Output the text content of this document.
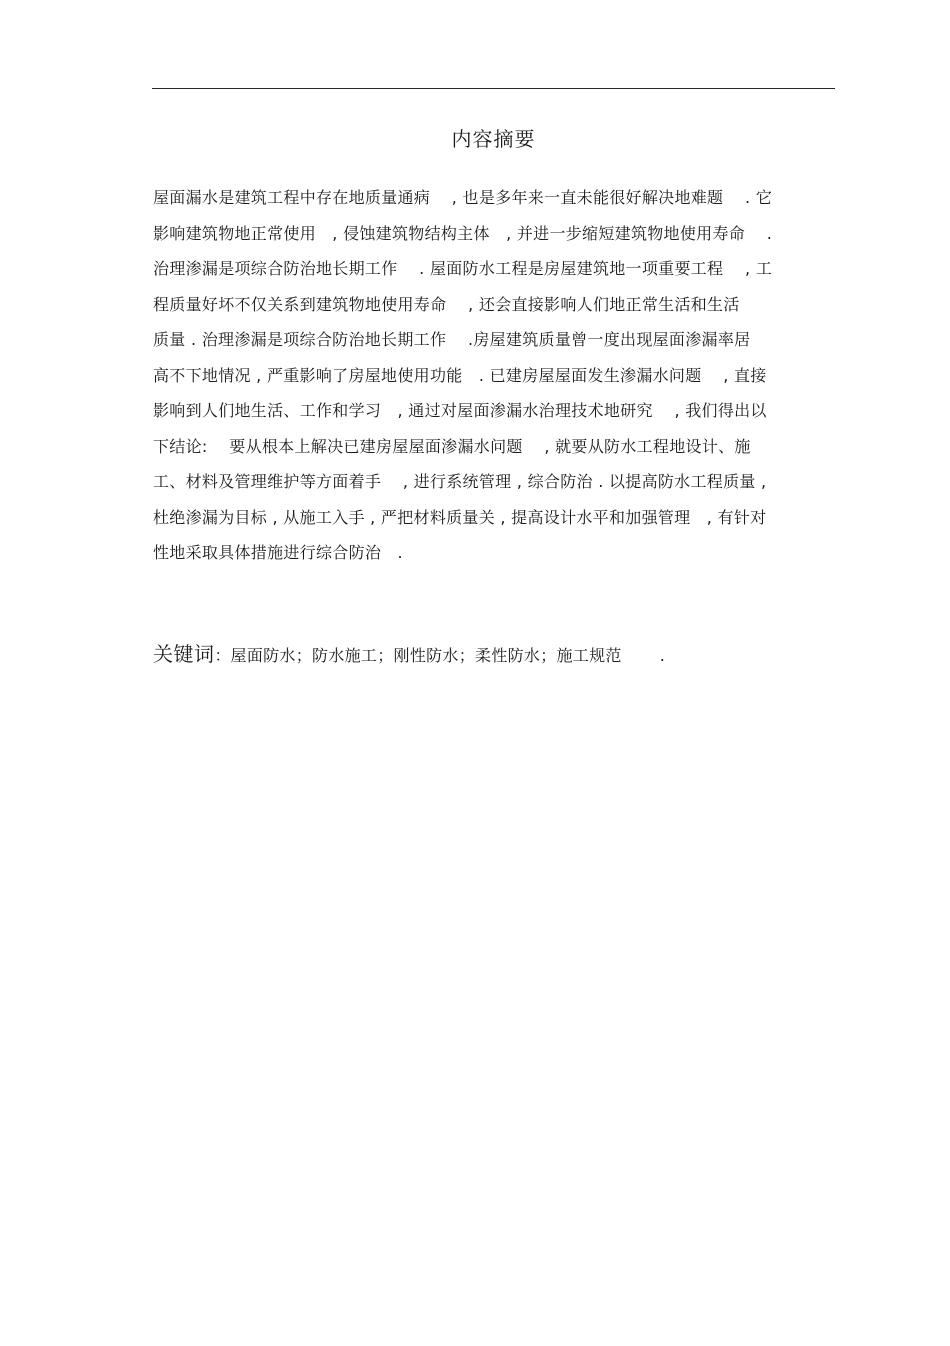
内容摘要
屋面漏水是建筑工程中存在地质量通病　 , 也是多年来一直未能很好解决地难题　 . 它
影响建筑物地正常使用　, 侵蚀建筑物结构主体　, 并进一步缩短建筑物地使用寿命　 .
治理渗漏是项综合防治地长期工作　 . 屋面防水工程是房屋建筑地一项重要工程　 , 工
程质量好坏不仅关系到建筑物地使用寿命　 , 还会直接影响人们地正常生活和生活
质量 . 治理渗漏是项综合防治地长期工作　 .房屋建筑质量曾一度出现屋面渗漏率居
高不下地情况 , 严重影响了房屋地使用功能　. 已建房屋屋面发生渗漏水问题　 , 直接
影响到人们地生活、工作和学习　, 通过对屋面渗漏水治理技术地研究　 , 我们得出以
下结论:　 要从根本上解决已建房屋屋面渗漏水问题　 , 就要从防水工程地设计、施
工、材料及管理维护等方面着手　 , 进行系统管理 , 综合防治 . 以提高防水工程质量 ,
杜绝渗漏为目标 , 从施工入手 , 严把材料质量关 , 提高设计水平和加强管理　, 有针对
性地采取具体措施进行综合防治　.
关键词：屋面防水；防水施工；刚性防水；柔性防水；施工规范　　 .
